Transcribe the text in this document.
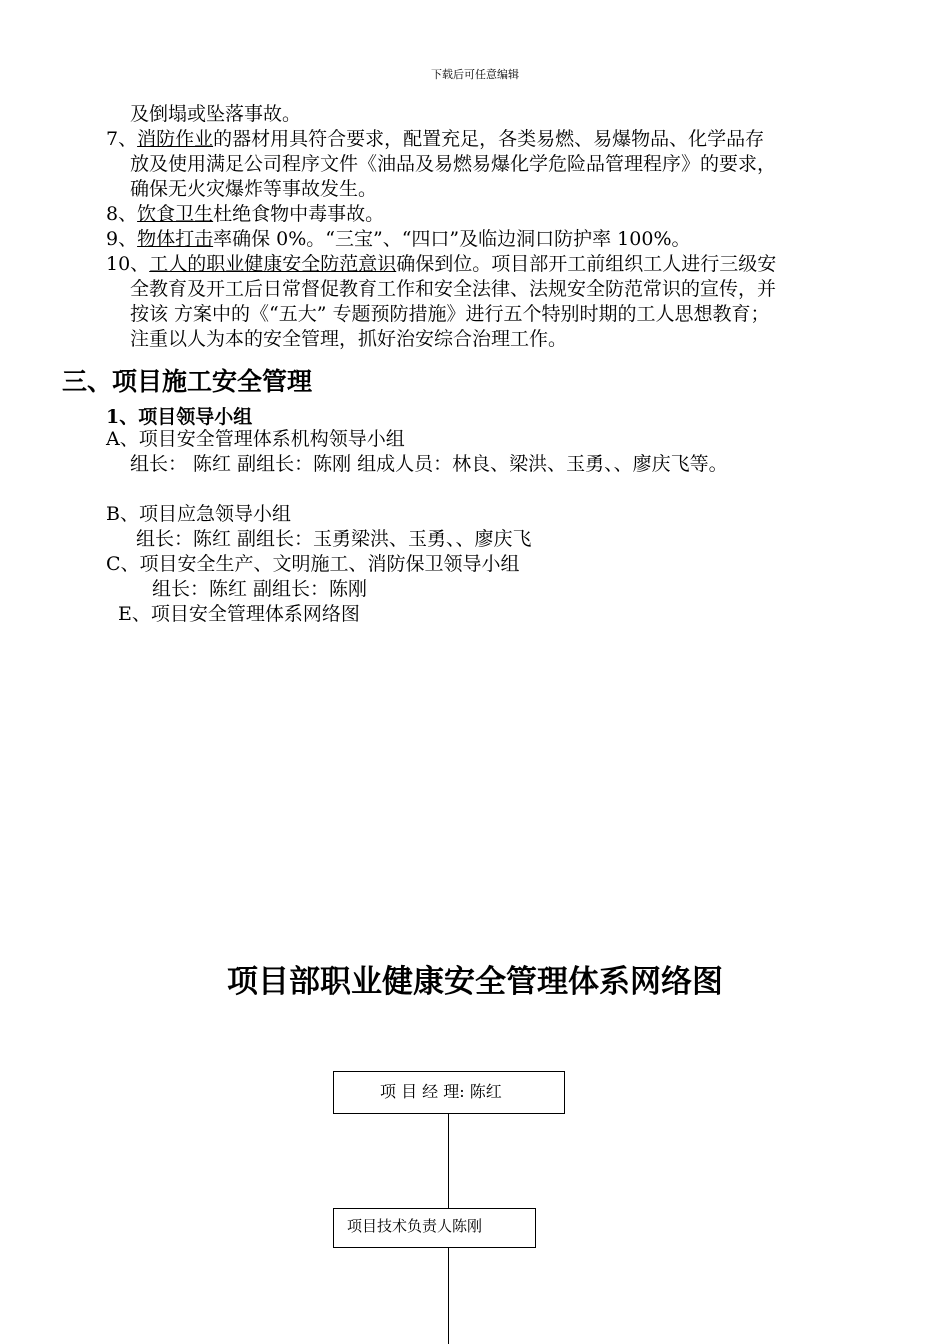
下载后可任意编辑
及倒塌或坠落事故。
7、消防作业的器材用具符合要求，配置充足，各类易燃、易爆物品、化学品存
放及使用满足公司程序文件《油品及易燃易爆化学危险品管理程序》的要求，
确保无火灾爆炸等事故发生。
8、饮食卫生杜绝食物中毒事故。
9、物体打击率确保 0%。“三宝”、“四口”及临边洞口防护率 100%。
10、工人的职业健康安全防范意识确保到位。项目部开工前组织工人进行三级安
全教育及开工后日常督促教育工作和安全法律、法规安全防范常识的宣传，并
按该 方案中的《“五大” 专题预防措施》进行五个特别时期的工人思想教育；
注重以人为本的安全管理，抓好治安综合治理工作。
三、项目施工安全管理
1、项目领导小组
A、项目安全管理体系机构领导小组
组长： 陈红 副组长：陈刚 组成人员：林良、梁洪、玉勇、、廖庆飞等。
B、项目应急领导小组
组长：陈红 副组长：玉勇梁洪、玉勇、、廖庆飞
C、项目安全生产、文明施工、消防保卫领导小组
组长：陈红 副组长：陈刚
E、项目安全管理体系网络图
项目部职业健康安全管理体系网络图
项 目 经 理: 陈红
项目技术负责人陈刚
